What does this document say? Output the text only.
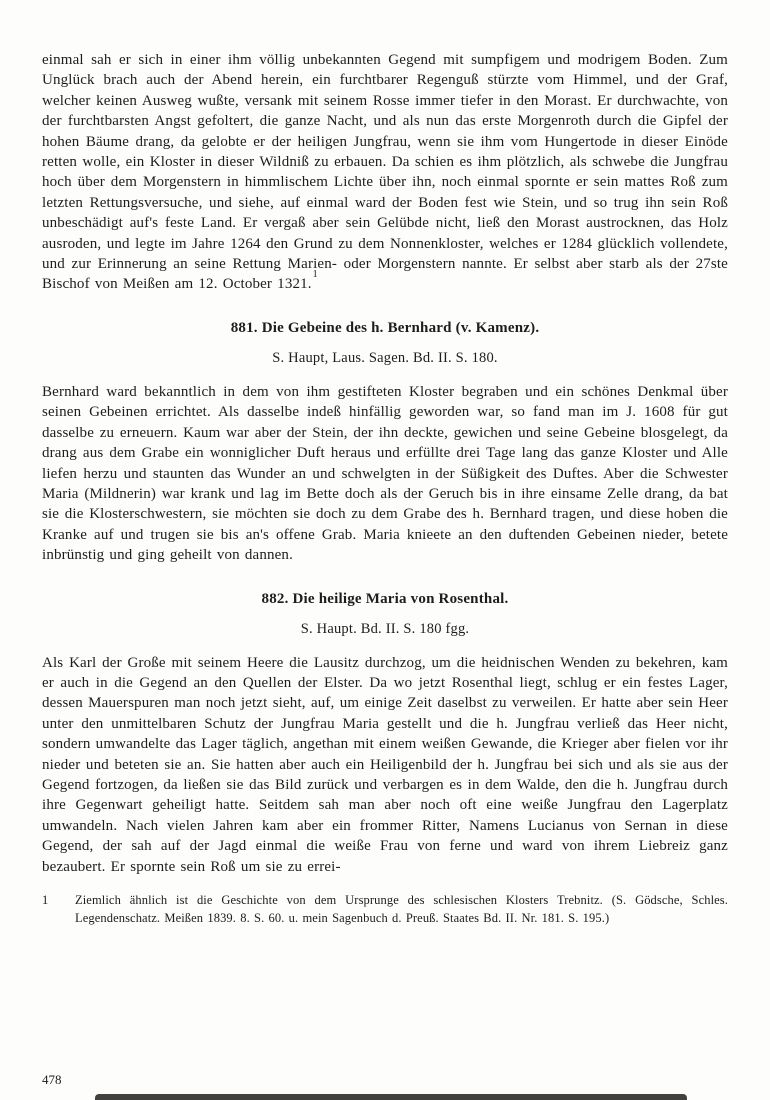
einmal sah er sich in einer ihm völlig unbekannten Gegend mit sumpfigem und modrigem Boden. Zum Unglück brach auch der Abend herein, ein furchtbarer Regenguß stürzte vom Himmel, und der Graf, welcher keinen Ausweg wußte, versank mit seinem Rosse immer tiefer in den Morast. Er durchwachte, von der furchtbarsten Angst gefoltert, die ganze Nacht, und als nun das erste Morgenroth durch die Gipfel der hohen Bäume drang, da gelobte er der heiligen Jungfrau, wenn sie ihm vom Hungertode in dieser Einöde retten wolle, ein Kloster in dieser Wildniß zu erbauen. Da schien es ihm plötzlich, als schwebe die Jungfrau hoch über dem Morgenstern in himmlischem Lichte über ihn, noch einmal spornte er sein mattes Roß zum letzten Rettungsversuche, und siehe, auf einmal ward der Boden fest wie Stein, und so trug ihn sein Roß unbeschädigt auf's feste Land. Er vergaß aber sein Gelübde nicht, ließ den Morast austrocknen, das Holz ausroden, und legte im Jahre 1264 den Grund zu dem Nonnenkloster, welches er 1284 glücklich vollendete, und zur Erinnerung an seine Rettung Marien- oder Morgenstern nannte. Er selbst aber starb als der 27ste Bischof von Meißen am 12. October 1321.$^1$

881. Die Gebeine des h. Bernhard (v. Kamenz).

S. Haupt, Laus. Sagen. Bd. II. S. 180.

Bernhard ward bekanntlich in dem von ihm gestifteten Kloster begraben und ein schönes Denkmal über seinen Gebeinen errichtet. Als dasselbe indeß hinfällig geworden war, so fand man im J. 1608 für gut dasselbe zu erneuern. Kaum war aber der Stein, der ihn deckte, gewichen und seine Gebeine blosgelegt, da drang aus dem Grabe ein wonniglicher Duft heraus und erfüllte drei Tage lang das ganze Kloster und Alle liefen herzu und staunten das Wunder an und schwelgten in der Süßigkeit des Duftes. Aber die Schwester Maria (Mildnerin) war krank und lag im Bette doch als der Geruch bis in ihre einsame Zelle drang, da bat sie die Klosterschwestern, sie möchten sie doch zu dem Grabe des h. Bernhard tragen, und diese hoben die Kranke auf und trugen sie bis an's offene Grab. Maria knieete an den duftenden Gebeinen nieder, betete inbrünstig und ging geheilt von dannen.

882. Die heilige Maria von Rosenthal.

S. Haupt. Bd. II. S. 180 fgg.

Als Karl der Große mit seinem Heere die Lausitz durchzog, um die heidnischen Wenden zu bekehren, kam er auch in die Gegend an den Quellen der Elster. Da wo jetzt Rosenthal liegt, schlug er ein festes Lager, dessen Mauerspuren man noch jetzt sieht, auf, um einige Zeit daselbst zu verweilen. Er hatte aber sein Heer unter den unmittelbaren Schutz der Jungfrau Maria gestellt und die h. Jungfrau verließ das Heer nicht, sondern umwandelte das Lager täglich, angethan mit einem weißen Gewande, die Krieger aber fielen vor ihr nieder und beteten sie an. Sie hatten aber auch ein Heiligenbild der h. Jungfrau bei sich und als sie aus der Gegend fortzogen, da ließen sie das Bild zurück und verbargen es in dem Walde, den die h. Jungfrau durch ihre Gegenwart geheiligt hatte. Seitdem sah man aber noch oft eine weiße Jungfrau den Lagerplatz umwandeln. Nach vielen Jahren kam aber ein frommer Ritter, Namens Lucianus von Sernan in diese Gegend, der sah auf der Jagd einmal die weiße Frau von ferne und ward von ihrem Liebreiz ganz bezaubert. Er spornte sein Roß um sie zu errei-

1	Ziemlich ähnlich ist die Geschichte von dem Ursprunge des schlesischen Klosters Trebnitz. (S. Gödsche, Schles. Legendenschatz. Meißen 1839. 8. S. 60. u. mein Sagenbuch d. Preuß. Staates Bd. II. Nr. 181. S. 195.)
478
